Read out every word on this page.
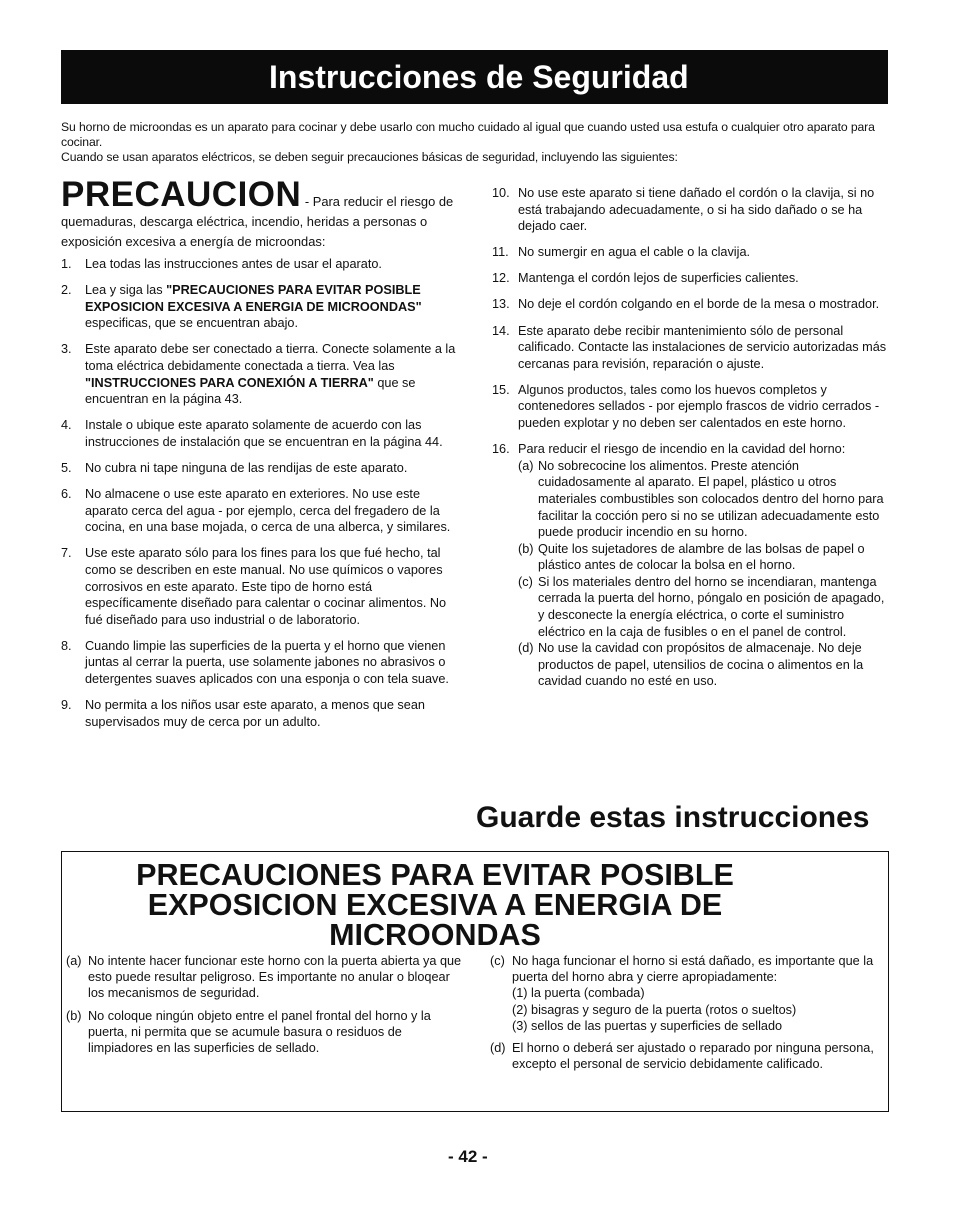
Instrucciones de Seguridad

Su horno de microondas es un aparato para cocinar y debe usarlo con mucho cuidado al igual que cuando usted usa estufa o cualquier otro aparato para cocinar.

Cuando se usan aparatos eléctricos, se deben seguir precauciones básicas de seguridad, incluyendo las siguientes:

PRECAUCION - Para reducir el riesgo de quemaduras, descarga eléctrica, incendio, heridas a personas o exposición excesiva a energía de microondas:

1.	Lea todas las instrucciones antes de usar el aparato.
2.	Lea y siga las "PRECAUCIONES PARA EVITAR POSIBLE EXPOSICION EXCESIVA A ENERGIA DE MICROONDAS" especificas, que se encuentran abajo.
3.	Este aparato debe ser conectado a tierra. Conecte solamente a la toma eléctrica debidamente conectada a tierra. Vea las "INSTRUCCIONES PARA CONEXIÓN A TIERRA" que se encuentran en la página 43.
4.	Instale o ubique este aparato solamente de acuerdo con las instrucciones de instalación que se encuentran en la página 44.
5.	No cubra ni tape ninguna de las rendijas de este aparato.
6.	No almacene o use este aparato en exteriores. No use este aparato cerca del agua - por ejemplo, cerca del fregadero de la cocina, en una base mojada, o cerca de una alberca, y similares.
7.	Use este aparato sólo para los fines para los que fué hecho, tal como se describen en este manual. No use químicos o vapores corrosivos en este aparato. Este tipo de horno está específicamente diseñado para calentar o cocinar alimentos. No fué diseñado para uso industrial o de laboratorio.
8.	Cuando limpie las superficies de la puerta y el horno que vienen juntas al cerrar la puerta, use solamente jabones no abrasivos o detergentes suaves aplicados con una esponja o con tela suave.
9.	No permita a los niños usar este aparato, a menos que sean supervisados muy de cerca por un adulto.
10. No use este aparato si tiene dañado el cordón o la clavija, si no está trabajando adecuadamente, o si ha sido dañado o se ha dejado caer.
11. No sumergir en agua el cable o la clavija.
12. Mantenga el cordón lejos de superficies calientes.
13. No deje el cordón colgando en el borde de la mesa o mostrador.
14. Este aparato debe recibir mantenimiento sólo de personal calificado. Contacte las instalaciones de servicio autorizadas más cercanas para revisión, reparación o ajuste.
15. Algunos productos, tales como los huevos completos y contenedores sellados - por ejemplo frascos de vidrio cerrados - pueden explotar y no deben ser calentados en este horno.
16. Para reducir el riesgo de incendio en la cavidad del horno:
(a) No sobrecocine los alimentos. Preste atención cuidadosamente al aparato. El papel, plástico u otros materiales combustibles son colocados dentro del horno para facilitar la cocción pero si no se utilizan adecuadamente esto puede producir incendio en su horno.
(b) Quite los sujetadores de alambre de las bolsas de papel o plástico antes de colocar la bolsa en el horno.
(c) Si los materiales dentro del horno se incendiaran, mantenga cerrada la puerta del horno, póngalo en posición de apagado, y desconecte la energía eléctrica, o corte el suministro eléctrico en la caja de fusibles o en el panel de control.
(d) No use la cavidad con propósitos de almacenaje. No deje productos de papel, utensilios de cocina o alimentos en la cavidad cuando no esté en uso.
Guarde estas instrucciones
PRECAUCIONES PARA EVITAR POSIBLE
EXPOSICION EXCESIVA A ENERGIA DE
MICROONDAS
(a) No intente hacer funcionar este horno con la puerta abierta ya que esto puede resultar peligroso. Es importante no anular o bloqear los mecanismos de seguridad.
(b) No coloque ningún objeto entre el panel frontal del horno y la puerta, ni permita que se acumule basura o residuos de limpiadores en las superficies de sellado.
(c) No haga funcionar el horno si está dañado, es importante que la puerta del horno abra y cierre apropiadamente:
(1) la puerta (combada)
(2) bisagras y seguro de la puerta (rotos o sueltos)
(3) sellos de las puertas y superficies de sellado
(d) El horno o deberá ser ajustado o reparado por ninguna persona, excepto el personal de servicio debidamente calificado.
- 42 -
